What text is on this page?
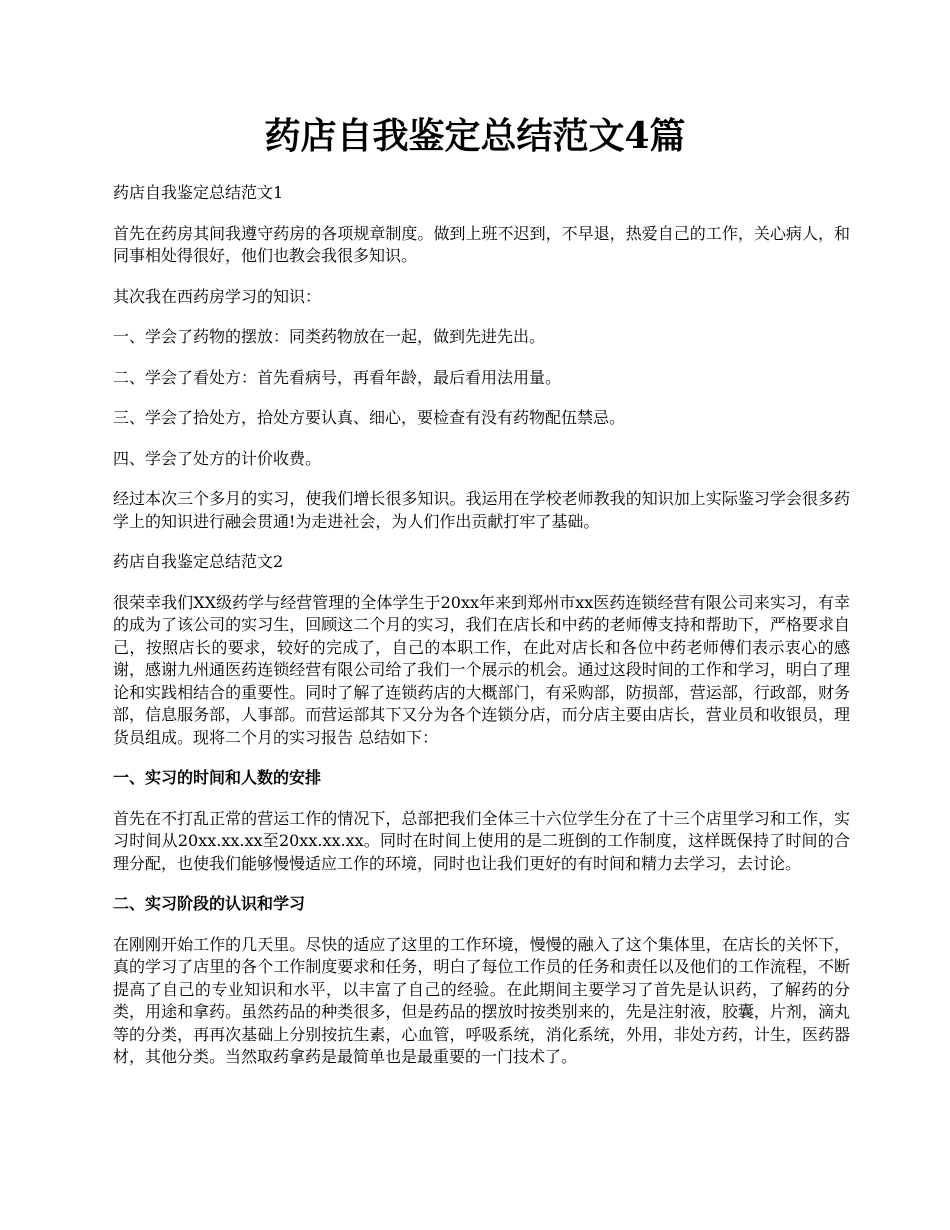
药店自我鉴定总结范文4篇
药店自我鉴定总结范文1
首先在药房其间我遵守药房的各项规章制度。做到上班不迟到，不早退，热爱自己的工作，关心病人，和同事相处得很好，他们也教会我很多知识。
其次我在西药房学习的知识：
一、学会了药物的摆放：同类药物放在一起，做到先进先出。
二、学会了看处方：首先看病号，再看年龄，最后看用法用量。
三、学会了拾处方，拾处方要认真、细心，要检查有没有药物配伍禁忌。
四、学会了处方的计价收费。
经过本次三个多月的实习，使我们增长很多知识。我运用在学校老师教我的知识加上实际鉴习学会很多药学上的知识进行融会贯通!为走进社会，为人们作出贡献打牢了基础。
药店自我鉴定总结范文2
很荣幸我们XX级药学与经营管理的全体学生于20xx年来到郑州市xx医药连锁经营有限公司来实习，有幸的成为了该公司的实习生，回顾这二个月的实习，我们在店长和中药的老师傅支持和帮助下，严格要求自己，按照店长的要求，较好的完成了，自己的本职工作，在此对店长和各位中药老师傅们表示衷心的感谢，感谢九州通医药连锁经营有限公司给了我们一个展示的机会。通过这段时间的工作和学习，明白了理论和实践相结合的重要性。同时了解了连锁药店的大概部门，有采购部，防损部，营运部，行政部，财务部，信息服务部，人事部。而营运部其下又分为各个连锁分店，而分店主要由店长，营业员和收银员，理货员组成。现将二个月的实习报告 总结如下：
一、实习的时间和人数的安排
首先在不打乱正常的营运工作的情况下，总部把我们全体三十六位学生分在了十三个店里学习和工作，实习时间从20xx.xx.xx至20xx.xx.xx。同时在时间上使用的是二班倒的工作制度，这样既保持了时间的合理分配，也使我们能够慢慢适应工作的环境，同时也让我们更好的有时间和精力去学习，去讨论。
二、实习阶段的认识和学习
在刚刚开始工作的几天里。尽快的适应了这里的工作环境，慢慢的融入了这个集体里，在店长的关怀下，真的学习了店里的各个工作制度要求和任务，明白了每位工作员的任务和责任以及他们的工作流程，不断提高了自己的专业知识和水平，以丰富了自己的经验。在此期间主要学习了首先是认识药，了解药的分类，用途和拿药。虽然药品的种类很多，但是药品的摆放时按类别来的，先是注射液，胶囊，片剂，滴丸等的分类，再再次基础上分别按抗生素，心血管，呼吸系统，消化系统，外用，非处方药，计生，医药器材，其他分类。当然取药拿药是最简单也是最重要的一门技术了。
